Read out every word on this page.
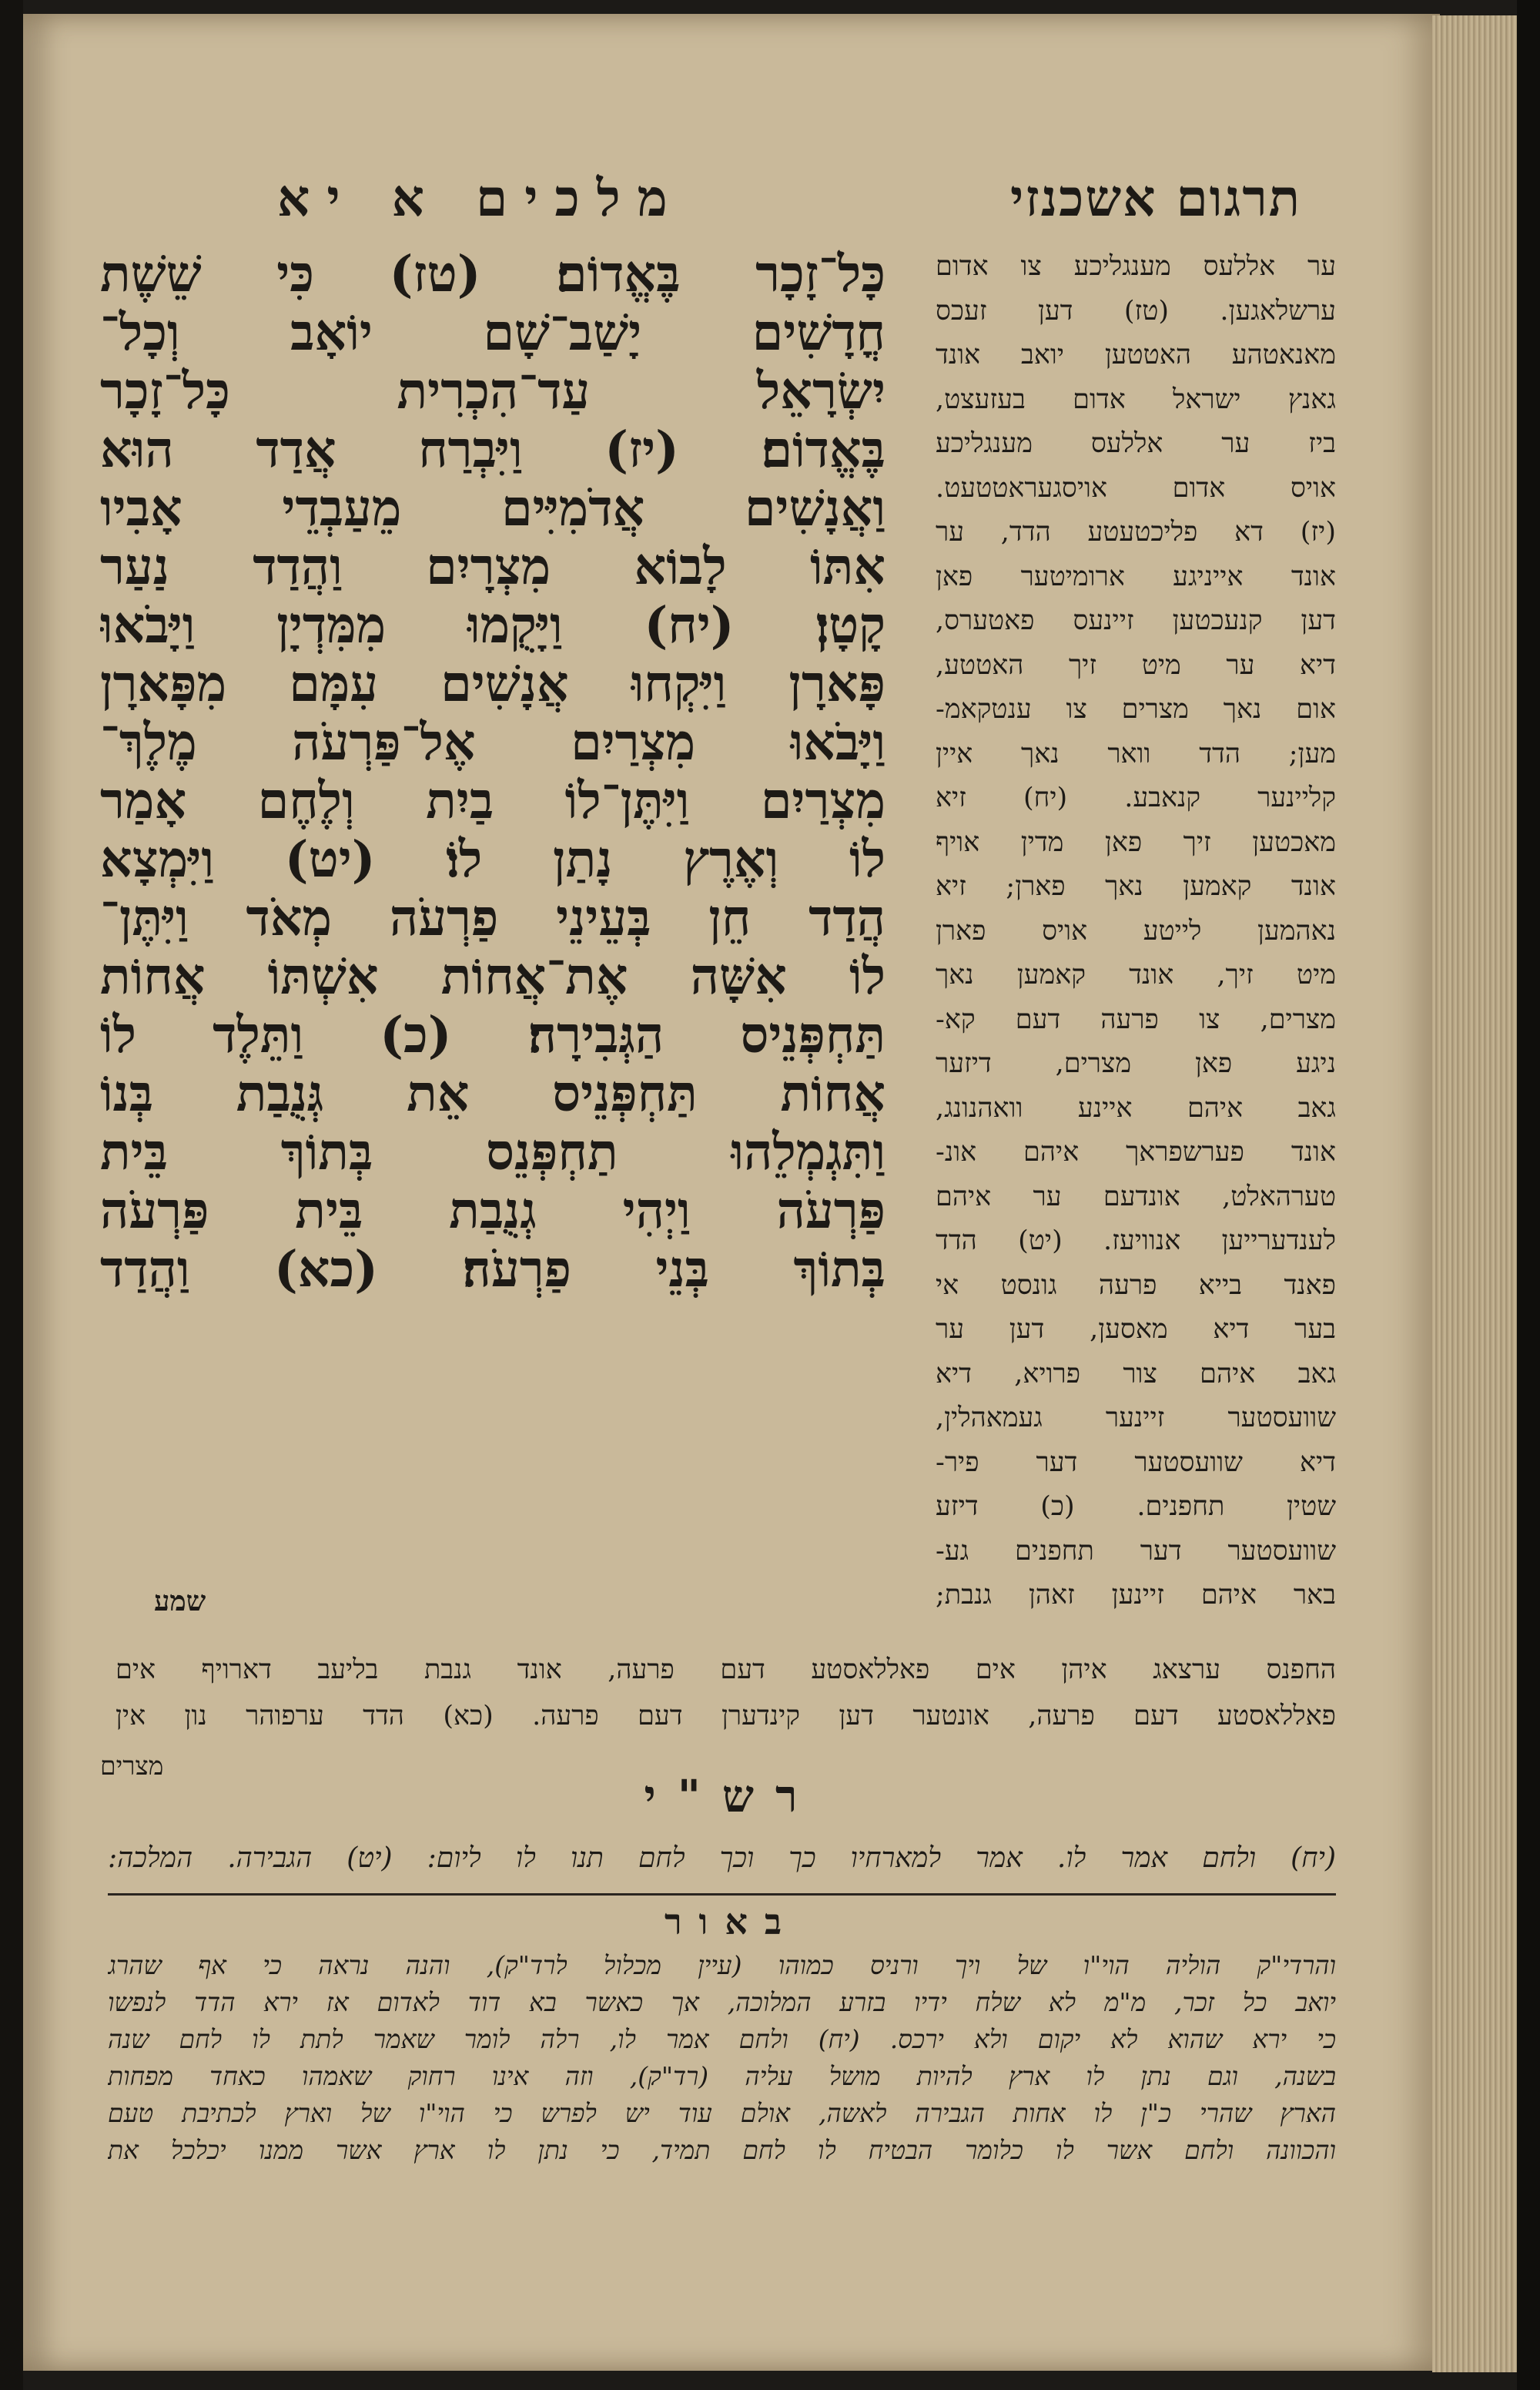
תרגום אשכנזי
מלכים א יא
ער אללעס מענגליכע צו אדום
ערשלאגען. (טז) דען זעכס
מאנאטהע האטטען יואב אונד
גאנץ ישראל אדום בעזעצט,
ביז ער אללעס מענגליכע
אויס אדום אויסגעראטטעט.
(יז) דא פליכטעטע הדד, ער
אונד אייניגע ארומיטער פאן
דען קנעכטען זיינעס פאטערס,
דיא ער מיט זיך האטטע,
אום נאך מצרים צו ענטקאמ-
מען; הדד וואר נאך איין
קליינער קנאבע. (יח) זיא
מאכטען זיך פאן מדין אויף
אונד קאמען נאך פארן; זיא
נאהמען לייטע אויס פארן
מיט זיך, אונד קאמען נאך
מצרים, צו פרעה דעם קא-
ניגע פאן מצרים, דיזער
גאב איהם איינע וואהנונג,
אונד פערשפראך איהם אונ-
טערהאלט, אונדעם ער איהם
לענדערייען אנוויעז. (יט) הדד
פאנד בייא פרעה גונסט אי
בער דיא מאסען, דען ער
גאב איהם צור פרויא, דיא
שוועסטער זיינער געמאהלין,
דיא שוועסטער דער פיר-
שטין תחפנים. (כ) דיזע
שוועסטער דער תחפנים גע-
באר איהם זיינען זאהן גנבת;
כָּל־זָכָר בֶּאֱדוֹם׃ (טז) כִּי שֵׁשֶׁת
חֳדָשִׁים יָשַׁב־שָׁם יוֹאָב וְכָל־
יִשְׂרָאֵל עַד־הִכְרִית כָּל־זָכָר
בֶּאֱדוֹם׃ (יז) וַיִּבְרַח אֲדַד הוּא
וַאֲנָשִׁים אֲדֹמִיִּים מֵעַבְדֵי אָבִיו
אִתּוֹ לָבוֹא מִצְרָיִם וַהֲדַד נַעַר
קָטָן׃ (יח) וַיָּקֻמוּ מִמִּדְיָן וַיָּבֹאוּ
פָּארָן וַיִּקְחוּ אֲנָשִׁים עִמָּם מִפָּארָן
וַיָּבֹאוּ מִצְרַיִם אֶל־פַּרְעֹה מֶלֶךְ־
מִצְרַיִם וַיִּתֶּן־לוֹ בַיִת וְלֶחֶם אָמַר
לוֹ וְאֶרֶץ נָתַן לוֹ׃ (יט) וַיִּמְצָא
הֲדַד חֵן בְּעֵינֵי פַרְעֹה מְאֹד וַיִּתֶּן־
לוֹ אִשָּׁה אֶת־אֲחוֹת אִשְׁתּוֹ אֲחוֹת
תַּחְפְּנֵיס הַגְּבִירָה׃ (כ) וַתֵּלֶד לוֹ
אֲחוֹת תַּחְפְּנֵיס אֵת גְּנֻבַת בְּנוֹ
וַתִּגְמְלֵהוּ תַחְפְּנֵס בְּתוֹךְ בֵּית
פַּרְעֹה וַיְהִי גְנֻבַת בֵּית פַּרְעֹה
בְּתוֹךְ בְּנֵי פַרְעֹה׃ (כא) וַהֲדַד
שמע
החפנס ערצאג איהן אים פאללאסטע דעם פרעה, אונד גנבת בליעב דארויף אים
פאללאסטע דעם פרעה, אונטער דען קינדערן דעם פרעה. (כא) הדד ערפוהר נון אין
מצרים
רש"י
(יח) ולחם אמר לו. אמר למארחיו כך וכך לחם תנו לו ליום: (יט) הגבירה. המלכה:
באור
והרדי"ק הוליה הוי"ו של ויך ורניס כמוהו (עיין מכלול לרד"ק), והנה נראה כי אף שהרג
יואב כל זכר, מ"מ לא שלח ידיו בזרע המלוכה, אך כאשר בא דוד לאדום אז ירא הדד לנפשו
כי ירא שהוא לא יקום ולא ירכס. (יח) ולחם אמר לו, רלה לומר שאמר לתת לו לחם שנה
בשנה, וגם נתן לו ארץ להיות מושל עליה (רד"ק), וזה אינו רחוק שאמהו כאחד מפחות
הארץ שהרי כ"ן לו אחות הגבירה לאשה, אולם עוד יש לפרש כי הוי"ו של וארץ לכתיבת טעם
והכוונה ולחם אשר לו כלומר הבטיח לו לחם תמיד, כי נתן לו ארץ אשר ממנו יכלכל את
